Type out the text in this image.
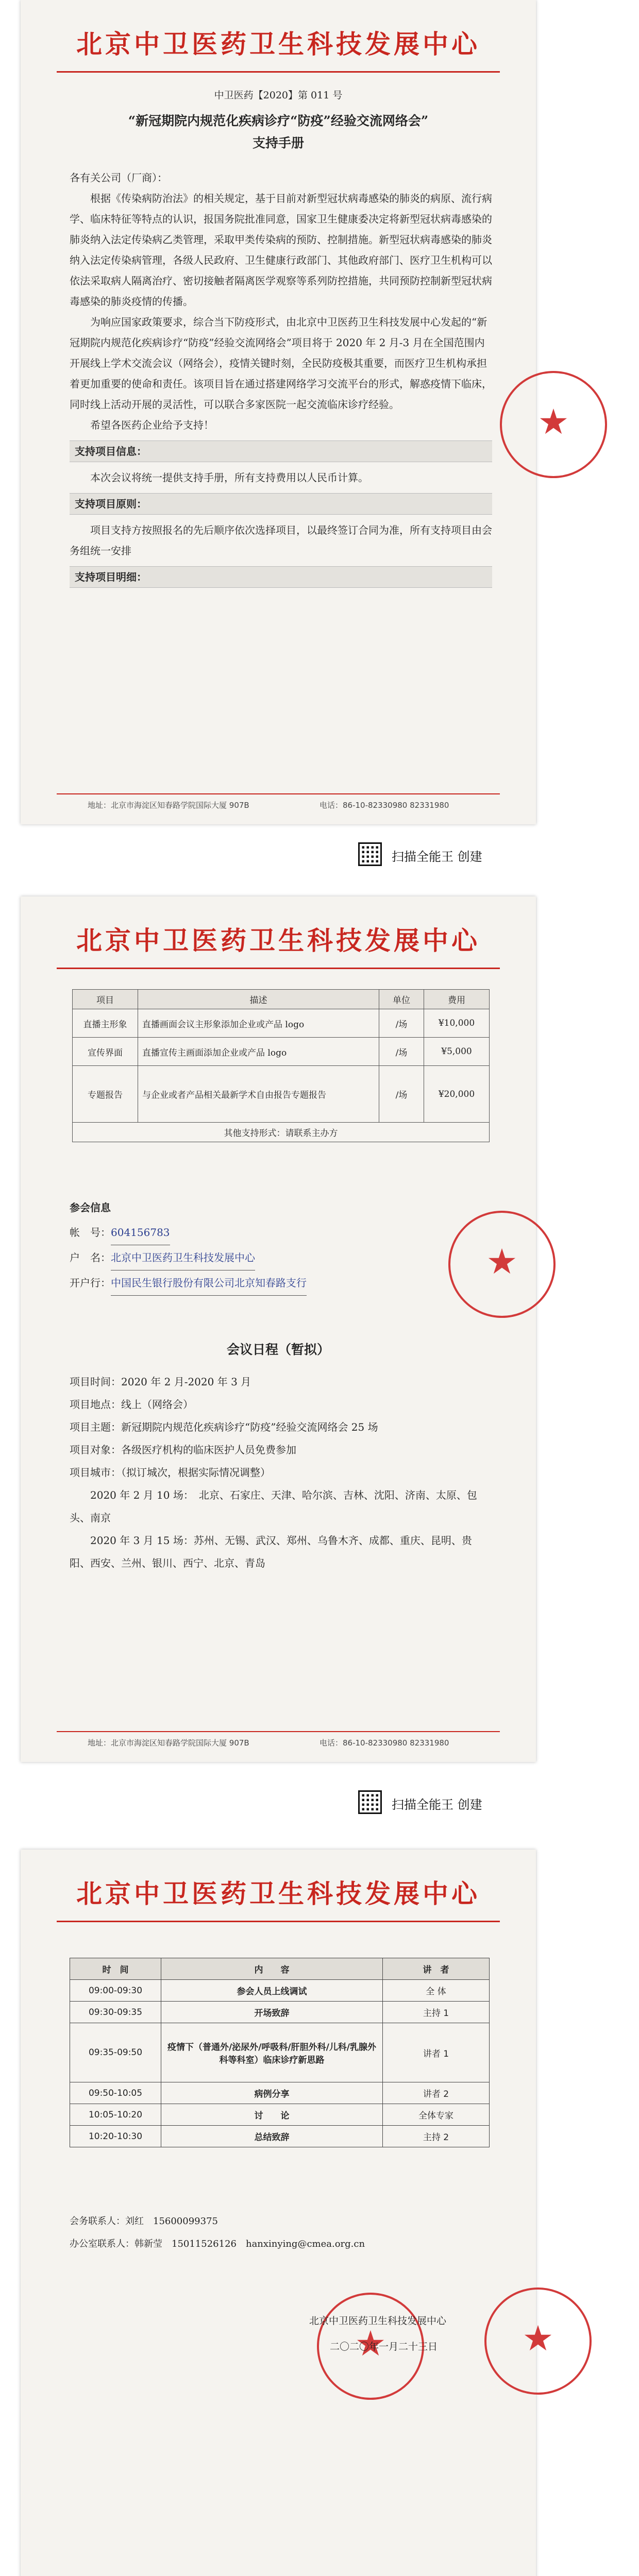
北京中卫医药卫生科技发展中心
中卫医药【2020】第 011 号
“新冠期院内规范化疾病诊疗“防疫”经验交流网络会”
支持手册

各有关公司（厂商）：

根据《传染病防治法》的相关规定，基于目前对新型冠状病毒感染的肺炎的病原、流行病学、临床特征等特点的认识，报国务院批准同意，国家卫生健康委决定将新型冠状病毒感染的肺炎纳入法定传染病乙类管理，采取甲类传染病的预防、控制措施。新型冠状病毒感染的肺炎纳入法定传染病管理，各级人民政府、卫生健康行政部门、其他政府部门、医疗卫生机构可以依法采取病人隔离治疗、密切接触者隔离医学观察等系列防控措施，共同预防控制新型冠状病毒感染的肺炎疫情的传播。

为响应国家政策要求，综合当下防疫形式，由北京中卫医药卫生科技发展中心发起的“新冠期院内规范化疾病诊疗“防疫”经验交流网络会”项目将于 2020 年 2 月-3 月在全国范围内开展线上学术交流会议（网络会），疫情关键时刻，全民防疫极其重要，而医疗卫生机构承担着更加重要的使命和责任。该项目旨在通过搭建网络学习交流平台的形式，解惑疫情下临床，同时线上活动开展的灵活性，可以联合多家医院一起交流临床诊疗经验。

希望各医药企业给予支持！

支持项目信息：

本次会议将统一提供支持手册，所有支持费用以人民币计算。

支持项目原则：

项目支持方按照报名的先后顺序依次选择项目，以最终签订合同为准，所有支持项目由会务组统一安排

支持项目明细：
★
地址：北京市海淀区知春路学院国际大厦 907B	电话：86-10-82330980 82331980
扫描全能王 创建
北京中卫医药卫生科技发展中心
项目	描述	单位	费用
直播主形象	直播画面会议主形象添加企业或产品 logo	/场	¥10,000
宣传界面	直播宣传主画面添加企业或产品 logo	/场	¥5,000
专题报告	与企业或者产品相关最新学术自由报告专题报告	/场	¥20,000
其他支持形式：请联系主办方			

参会信息

帐　号：604156783

户　名：北京中卫医药卫生科技发展中心

开户行：中国民生银行股份有限公司北京知春路支行

★
会议日程（暂拟）

项目时间：2020 年 2 月-2020 年 3 月

项目地点：线上（网络会）

项目主题：新冠期院内规范化疾病诊疗“防疫”经验交流网络会 25 场

项目对象：各级医疗机构的临床医护人员免费参加

项目城市：（拟订城次，根据实际情况调整）

2020 年 2 月 10 场：　北京、石家庄、天津、哈尔滨、吉林、沈阳、济南、太原、包头、南京

2020 年 3 月 15 场：苏州、无锡、武汉、郑州、乌鲁木齐、成都、重庆、昆明、贵阳、西安、兰州、银川、西宁、北京、青岛

地址：北京市海淀区知春路学院国际大厦 907B	电话：86-10-82330980 82331980
扫描全能王 创建
北京中卫医药卫生科技发展中心
时　间	内　　容	讲　者
09:00-09:30	参会人员上线调试	全 体
09:30-09:35	开场致辞	主持 1
09:35-09:50	疫情下（普通外/泌尿外/呼吸科/肝胆外科/儿科/乳腺外科等科室）临床诊疗新思路	讲者 1
09:50-10:05	病例分享	讲者 2
10:05-10:20	讨　　论	全体专家
10:20-10:30	总结致辞	主持 2

会务联系人：刘红　 15600099375

办公室联系人：韩新莹　 15011526126　 hanxinying@cmea.org.cn

★	★
北京中卫医药卫生科技发展中心
二〇二〇年一月二十三日
